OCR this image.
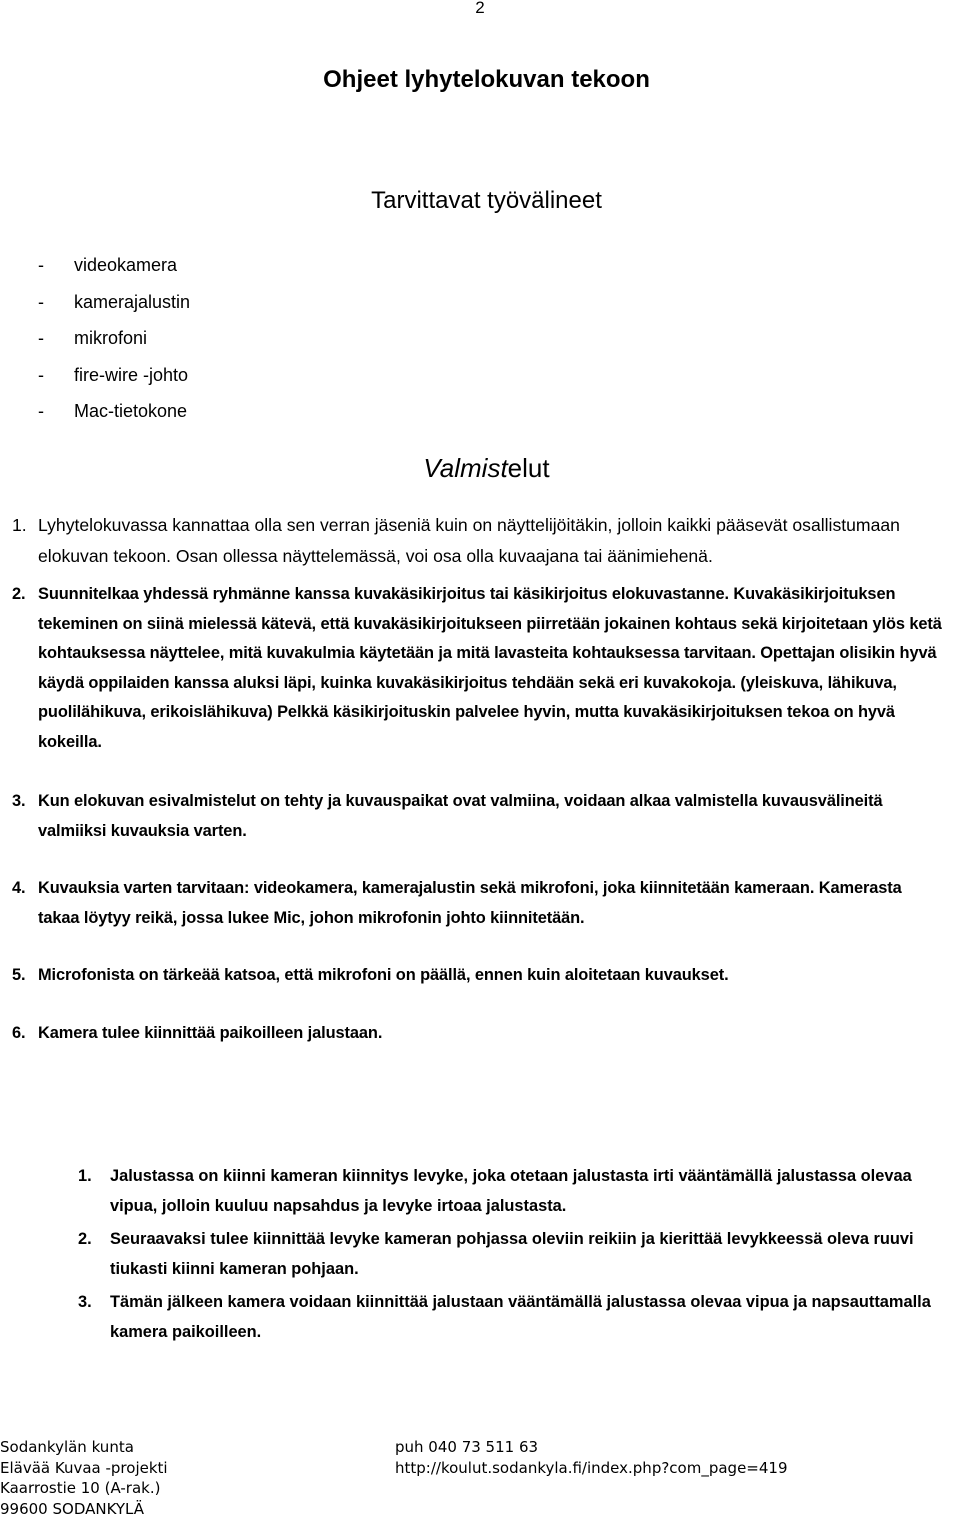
2
Ohjeet lyhytelokuvan tekoon
Tarvittavat työvälineet
-	videokamera
-	kamerajalustin
-	mikrofoni
-	fire-wire -johto
-	Mac-tietokone
Valmistelut
1. Lyhytelokuvassa kannattaa olla sen verran jäseniä kuin on näyttelijöitäkin, jolloin kaikki pääsevät osallistumaan elokuvan tekoon. Osan ollessa näyttelemässä, voi osa olla kuvaajana tai äänimiehenä.
2. Suunnitelkaa yhdessä ryhmänne kanssa kuvakäsikirjoitus tai käsikirjoitus elokuvastanne. Kuvakäsikirjoituksen tekeminen on siinä mielessä kätevä, että kuvakäsikirjoitukseen piirretään jokainen kohtaus sekä kirjoitetaan ylös ketä kohtauksessa näyttelee, mitä kuvakulmia käytetään ja mitä lavasteita kohtauksessa tarvitaan. Opettajan olisikin hyvä käydä oppilaiden kanssa aluksi läpi, kuinka kuvakäsikirjoitus tehdään sekä eri kuvakokoja. (yleiskuva, lähikuva, puolilähikuva, erikoislähikuva) Pelkkä käsikirjoituskin palvelee hyvin, mutta kuvakäsikirjoituksen tekoa on hyvä kokeilla.
3. Kun elokuvan esivalmistelut on tehty ja kuvauspaikat ovat valmiina, voidaan alkaa valmistella kuvausvälineitä valmiiksi kuvauksia varten.
4. Kuvauksia varten tarvitaan: videokamera, kamerajalustin sekä mikrofoni, joka kiinnitetään kameraan. Kamerasta takaa löytyy reikä, jossa lukee Mic, johon mikrofonin johto kiinnitetään.
5. Microfonista on tärkeää katsoa, että mikrofoni on päällä, ennen kuin aloitetaan kuvaukset.
6. Kamera tulee kiinnittää paikoilleen jalustaan.
1.	Jalustassa on kiinni kameran kiinnitys levyke, joka otetaan jalustasta irti vääntämällä jalustassa olevaa vipua, jolloin kuuluu napsahdus ja levyke irtoaa jalustasta.
2.	Seuraavaksi tulee kiinnittää levyke kameran pohjassa oleviin reikiin ja kierittää levykkeessä oleva ruuvi tiukasti kiinni kameran pohjaan.
3.	Tämän jälkeen kamera voidaan kiinnittää jalustaan vääntämällä jalustassa olevaa vipua ja napsauttamalla kamera paikoilleen.
Sodankylän kunta
Elävää Kuvaa -projekti
Kaarrostie 10 (A-rak.)
99600 SODANKYLÄ
puh 040 73 511 63
http://koulut.sodankyla.fi/index.php?com_page=419
